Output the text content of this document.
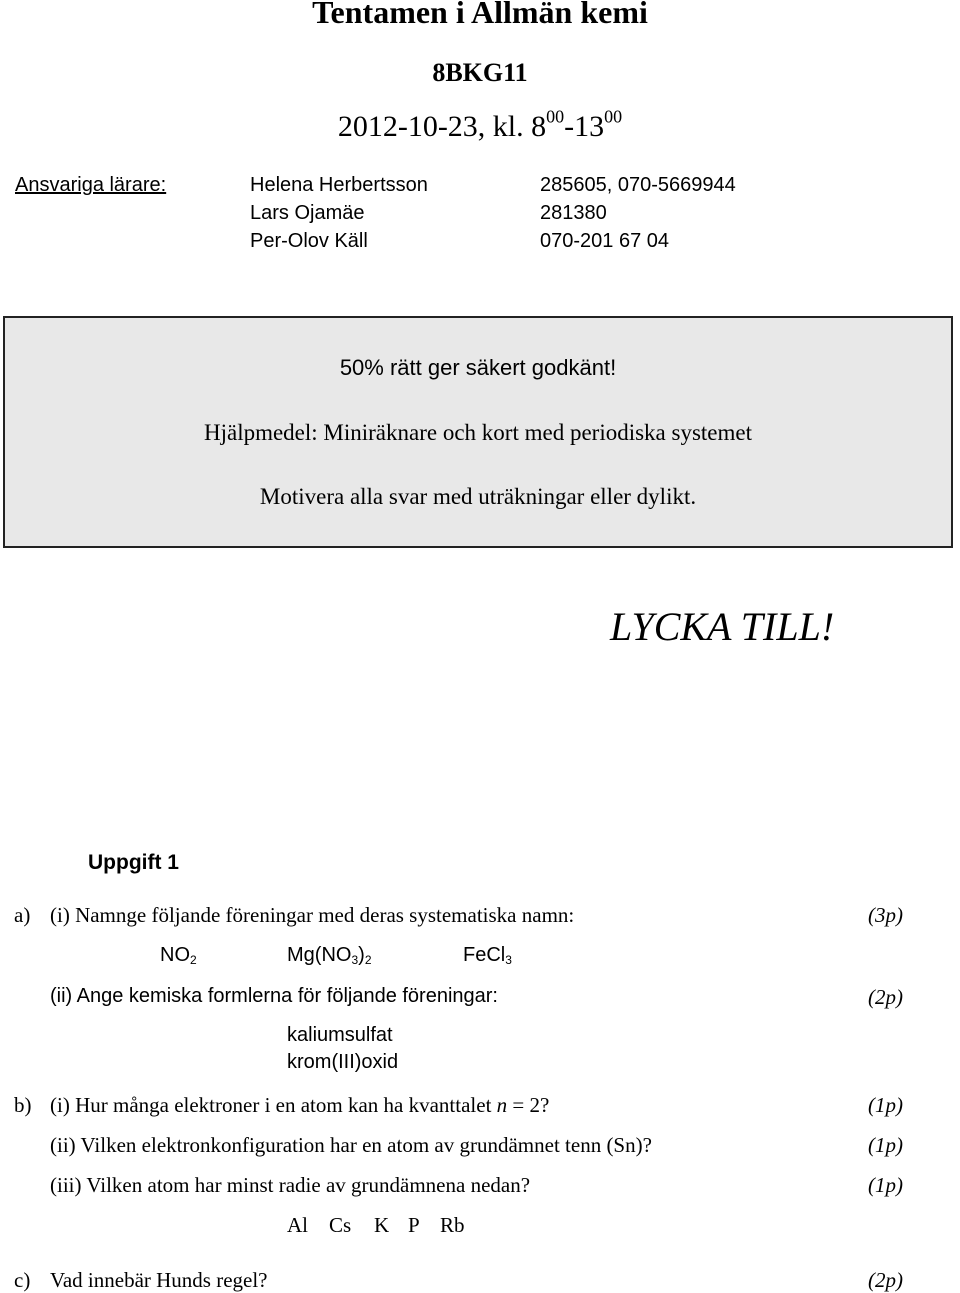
Tentamen i Allmän kemi
8BKG11
2012-10-23, kl. $8^{00}-13^{00}$
Ansvariga lärare:	Helena Herbertsson	285605, 070-5669944
Lars Ojamäe	281380
Per-Olov Käll	070-201 67 04
50% rätt ger säkert godkänt!
Hjälpmedel: Miniräknare och kort med periodiska systemet
Motivera alla svar med uträkningar eller dylikt.
LYCKA TILL!
Uppgift 1
a) (i) Namnge följande föreningar med deras systematiska namn:	(3p)
$NO_2$	$Mg(NO_3)_2$	FeCl$_3$
(ii) Ange kemiska formlerna för följande föreningar:	(2p)
kaliumsulfat
krom(III)oxid
b) (i) Hur många elektroner i en atom kan ha kvanttalet n = 2?	(1p)
(ii) Vilken elektronkonfiguration har en atom av grundämnet tenn (Sn)?	(1p)
(iii) Vilken atom har minst radie av grundämnena nedan?	(1p)
Al Cs K P Rb
c) Vad innebär Hunds regel?	(2p)
